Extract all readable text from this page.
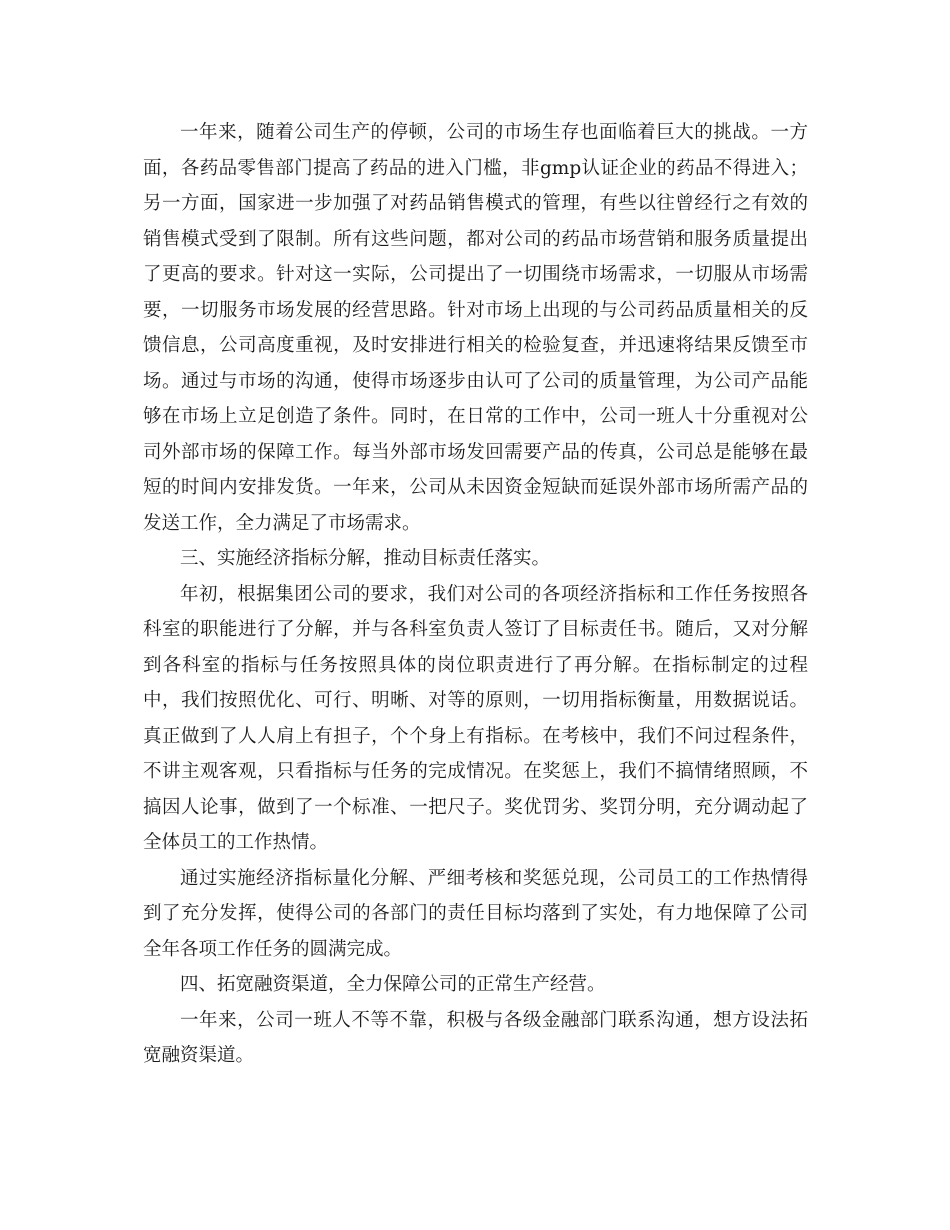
一年来，随着公司生产的停顿，公司的市场生存也面临着巨大的挑战。一方面，各药品零售部门提高了药品的进入门槛，非gmp认证企业的药品不得进入；另一方面，国家进一步加强了对药品销售模式的管理，有些以往曾经行之有效的销售模式受到了限制。所有这些问题，都对公司的药品市场营销和服务质量提出了更高的要求。针对这一实际，公司提出了一切围绕市场需求，一切服从市场需要，一切服务市场发展的经营思路。针对市场上出现的与公司药品质量相关的反馈信息，公司高度重视，及时安排进行相关的检验复查，并迅速将结果反馈至市场。通过与市场的沟通，使得市场逐步由认可了公司的质量管理，为公司产品能够在市场上立足创造了条件。同时，在日常的工作中，公司一班人十分重视对公司外部市场的保障工作。每当外部市场发回需要产品的传真，公司总是能够在最短的时间内安排发货。一年来，公司从未因资金短缺而延误外部市场所需产品的发送工作，全力满足了市场需求。

三、实施经济指标分解，推动目标责任落实。

年初，根据集团公司的要求，我们对公司的各项经济指标和工作任务按照各科室的职能进行了分解，并与各科室负责人签订了目标责任书。随后，又对分解到各科室的指标与任务按照具体的岗位职责进行了再分解。在指标制定的过程中，我们按照优化、可行、明晰、对等的原则，一切用指标衡量，用数据说话。真正做到了人人肩上有担子，个个身上有指标。在考核中，我们不问过程条件，不讲主观客观，只看指标与任务的完成情况。在奖惩上，我们不搞情绪照顾，不搞因人论事，做到了一个标准、一把尺子。奖优罚劣、奖罚分明，充分调动起了全体员工的工作热情。

通过实施经济指标量化分解、严细考核和奖惩兑现，公司员工的工作热情得到了充分发挥，使得公司的各部门的责任目标均落到了实处，有力地保障了公司全年各项工作任务的圆满完成。

四、拓宽融资渠道，全力保障公司的正常生产经营。

一年来，公司一班人不等不靠，积极与各级金融部门联系沟通，想方设法拓宽融资渠道。
